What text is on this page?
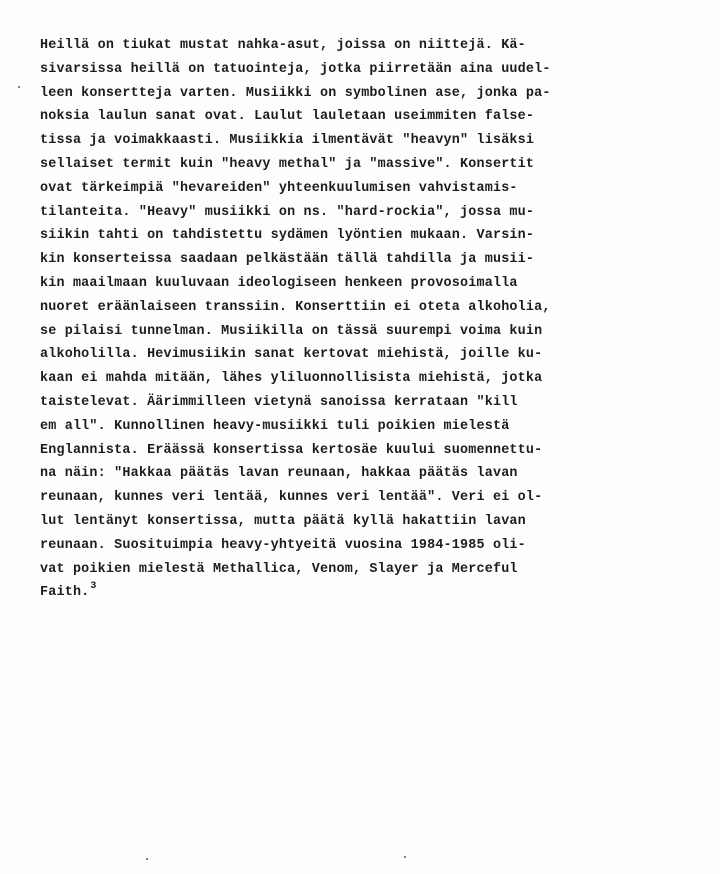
Heillä on tiukat mustat nahka-asut, joissa on niittejä. Kä-
sivarsissa heillä on tatuointeja, jotka piirretään aina uudel-
leen konsertteja varten. Musiikki on symbolinen ase, jonka pa-
noksia laulun sanat ovat. Laulut lauletaan useimmiten false-
tissa ja voimakkaasti. Musiikkia ilmentävät "heavyn" lisäksi
sellaiset termit kuin "heavy methal" ja "massive". Konsertit
ovat tärkeimpiä "hevareiden" yhteenkuulumisen vahvistamis-
tilanteita. "Heavy" musiikki on ns. "hard-rockia", jossa mu-
siikin tahti on tahdistettu sydämen lyöntien mukaan. Varsin-
kin konserteissa saadaan pelkästään tällä tahdilla ja musii-
kin maailmaan kuuluvaan ideologiseen henkeen provosoimalla
nuoret eräänlaiseen transsiin. Konserttiin ei oteta alkoholia,
se pilaisi tunnelman. Musiikilla on tässä suurempi voima kuin
alkoholilla. Hevimusiikin sanat kertovat miehistä, joille ku-
kaan ei mahda mitään, lähes yliluonnollisista miehistä, jotka
taistelevat. Äärimmilleen vietynä sanoissa kerrataan "kill
em all". Kunnollinen heavy-musiikki tuli poikien mielestä
Englannista. Eräässä konsertissa kertosäe kuului suomennettu-
na näin: "Hakkaa päätäs lavan reunaan, hakkaa päätäs lavan
reunaan, kunnes veri lentää, kunnes veri lentää". Veri ei ol-
lut lentänyt konsertissa, mutta päätä kyllä hakattiin lavan
reunaan. Suosituimpia heavy-yhtyeitä vuosina 1984-1985 oli-
vat poikien mielestä Methallica, Venom, Slayer ja Merceful
Faith.$^3$
